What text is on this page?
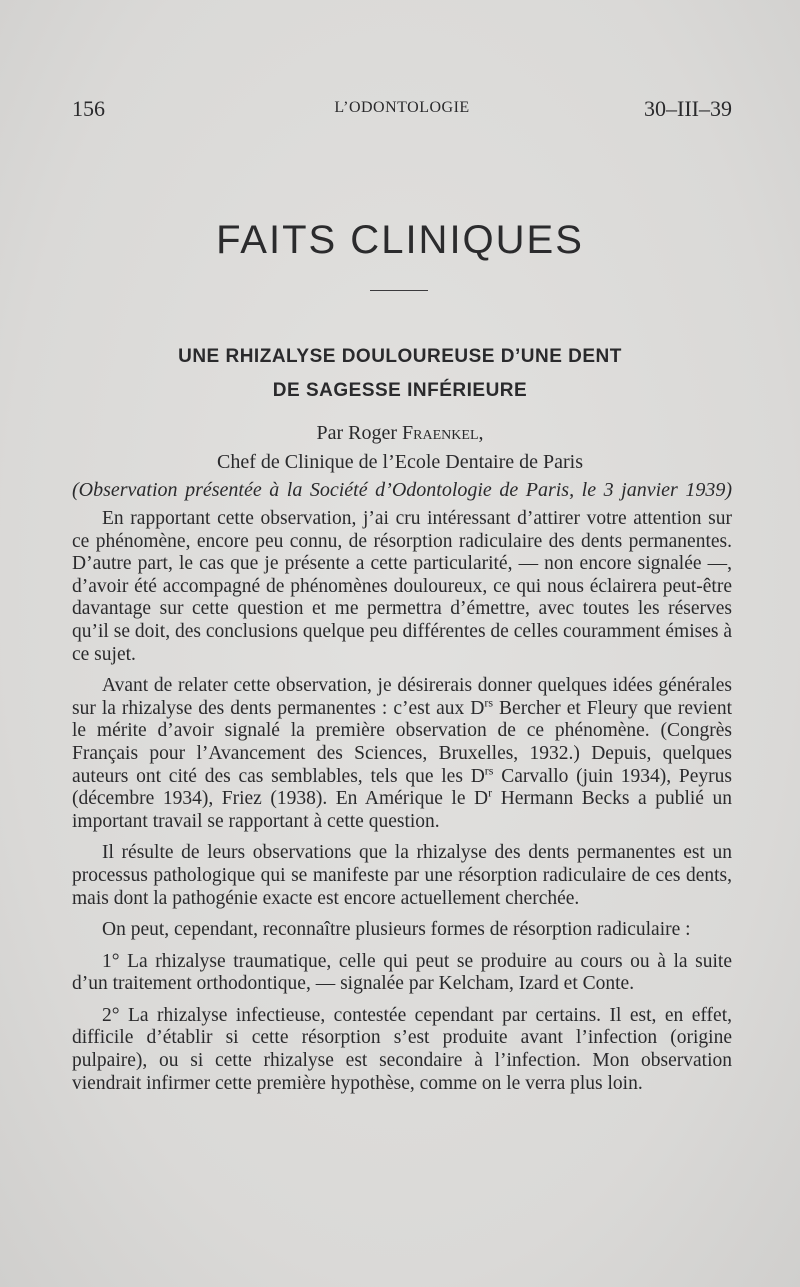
156	L’ODONTOLOGIE	30–III–39
FAITS CLINIQUES
UNE RHIZALYSE DOULOUREUSE D’UNE DENT
DE SAGESSE INFÉRIEURE
Par Roger Fraenkel,
Chef de Clinique de l’Ecole Dentaire de Paris
(Observation présentée à la Société d’Odontologie de Paris, le 3 janvier 1939)

En rapportant cette observation, j’ai cru intéressant d’attirer votre attention sur ce phénomène, encore peu connu, de résorption radiculaire des dents permanentes. D’autre part, le cas que je présente a cette particularité, — non encore signalée —, d’avoir été accompagné de phénomènes douloureux, ce qui nous éclairera peut-être davantage sur cette question et me permettra d’émettre, avec toutes les réserves qu’il se doit, des conclusions quelque peu différentes de celles couramment émises à ce sujet.

Avant de relater cette observation, je désirerais donner quelques idées générales sur la rhizalyse des dents permanentes : c’est aux $D^{rs}$ Bercher et Fleury que revient le mérite d’avoir signalé la première observation de ce phénomène. (Congrès Français pour l’Avancement des Sciences, Bruxelles, 1932.) Depuis, quelques auteurs ont cité des cas semblables, tels que les $D^{rs}$ Carvallo (juin 1934), Peyrus (décembre 1934), Friez (1938). En Amérique le $D^r$ Hermann Becks a publié un important travail se rapportant à cette question.

Il résulte de leurs observations que la rhizalyse des dents permanentes est un processus pathologique qui se manifeste par une résorption radiculaire de ces dents, mais dont la pathogénie exacte est encore actuellement cherchée.

On peut, cependant, reconnaître plusieurs formes de résorption radiculaire :

1° La rhizalyse traumatique, celle qui peut se produire au cours ou à la suite d’un traitement orthodontique, — signalée par Kelcham, Izard et Conte.

2° La rhizalyse infectieuse, contestée cependant par certains. Il est, en effet, difficile d’établir si cette résorption s’est produite avant l’infection (origine pulpaire), ou si cette rhizalyse est secondaire à l’infection. Mon observation viendrait infirmer cette première hypothèse, comme on le verra plus loin.
